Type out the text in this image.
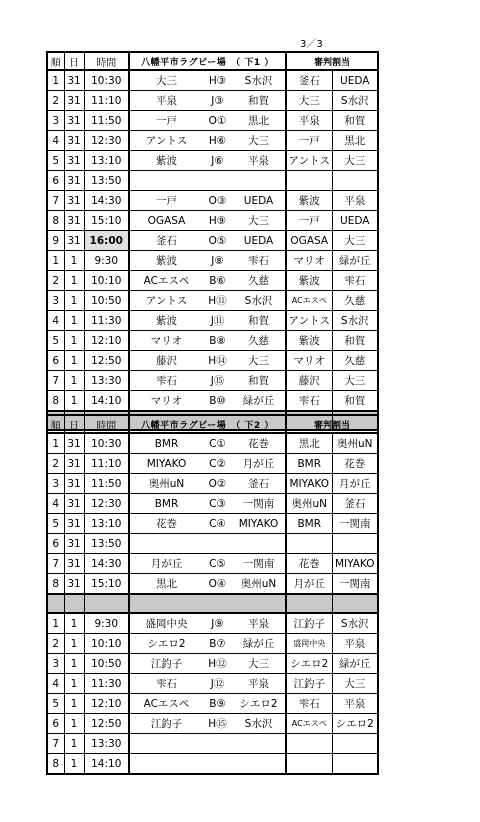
3／3
順	日	時間	八幡平市ラグビー場　（ 下1 ）			審判割当	
1	31	10:30	大三	H③	S水沢	釜石	UEDA
2	31	11:10	平泉	J③	和賀	大三	S水沢
3	31	11:50	一戸	O①	黒北	平泉	和賀
4	31	12:30	アントス	H⑥	大三	一戸	黒北
5	31	13:10	紫波	J⑥	平泉	アントス	大三
6	31	13:50					
7	31	14:30	一戸	O③	UEDA	紫波	平泉
8	31	15:10	OGASA	H⑨	大三	一戸	UEDA
9	31	16:00	釜石	O⑤	UEDA	OGASA	大三
1	1	9:30	紫波	J⑧	雫石	マリオ	緑が丘
2	1	10:10	ACエスペ	B⑥	久慈	紫波	雫石
3	1	10:50	アントス	H⑪	S水沢	ACエスペ	久慈
4	1	11:30	紫波	J⑪	和賀	アントス	S水沢
5	1	12:10	マリオ	B⑧	久慈	紫波	和賀
6	1	12:50	藤沢	H⑭	大三	マリオ	久慈
7	1	13:30	雫石	J⑮	和賀	藤沢	大三
8	1	14:10	マリオ	B⑩	緑が丘	雫石	和賀

順	日	時間	八幡平市ラグビー場　（ 下2 ）			審判割当	
1	31	10:30	BMR	C①	花巻	黒北	奥州uN
2	31	11:10	MIYAKO	C②	月が丘	BMR	花巻
3	31	11:50	奥州uN	O②	釜石	MIYAKO	月が丘
4	31	12:30	BMR	C③	一関南	奥州uN	釜石
5	31	13:10	花巻	C④	MIYAKO	BMR	一関南
6	31	13:50					
7	31	14:30	月が丘	C⑤	一関南	花巻	MIYAKO
8	31	15:10	黒北	O④	奥州uN	月が丘	一関南

1	1	9:30	盛岡中央	J⑨	平泉	江釣子	S水沢
2	1	10:10	シエロ2	B⑦	緑が丘	盛岡中央	平泉
3	1	10:50	江釣子	H⑫	大三	シエロ2	緑が丘
4	1	11:30	雫石	J⑫	平泉	江釣子	大三
5	1	12:10	ACエスペ	B⑨	シエロ2	雫石	平泉
6	1	12:50	江釣子	H⑮	S水沢	ACエスペ	シエロ2
7	1	13:30					
8	1	14:10					
